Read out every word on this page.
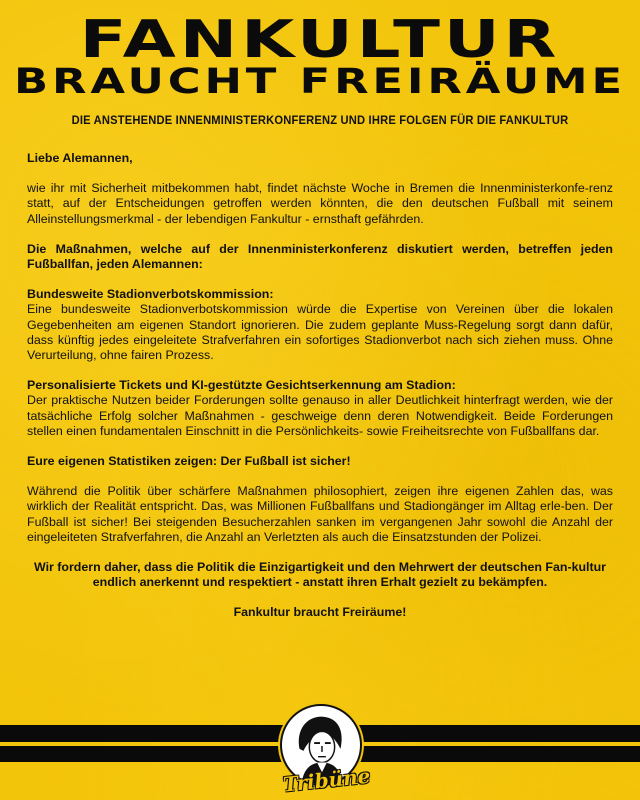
FANKULTUR
BRAUCHT FREIRÄUME
DIE ANSTEHENDE INNENMINISTERKONFERENZ UND IHRE FOLGEN FÜR DIE FANKULTUR

Liebe Alemannen,

wie ihr mit Sicherheit mitbekommen habt, findet nächste Woche in Bremen die Innenministerkonfe-renz statt, auf der Entscheidungen getroffen werden könnten, die den deutschen Fußball mit seinem Alleinstellungsmerkmal - der lebendigen Fankultur - ernsthaft gefährden.

Die Maßnahmen, welche auf der Innenministerkonferenz diskutiert werden, betreffen jeden Fußballfan, jeden Alemannen:

Bundesweite Stadionverbotskommission:
Eine bundesweite Stadionverbotskommission würde die Expertise von Vereinen über die lokalen Gegebenheiten am eigenen Standort ignorieren. Die zudem geplante Muss-Regelung sorgt dann dafür, dass künftig jedes eingeleitete Strafverfahren ein sofortiges Stadionverbot nach sich ziehen muss. Ohne Verurteilung, ohne fairen Prozess.

Personalisierte Tickets und KI-gestützte Gesichtserkennung am Stadion:
Der praktische Nutzen beider Forderungen sollte genauso in aller Deutlichkeit hinterfragt werden, wie der tatsächliche Erfolg solcher Maßnahmen - geschweige denn deren Notwendigkeit. Beide Forderungen stellen einen fundamentalen Einschnitt in die Persönlichkeits- sowie Freiheitsrechte von Fußballfans dar.

Eure eigenen Statistiken zeigen: Der Fußball ist sicher!

Während die Politik über schärfere Maßnahmen philosophiert, zeigen ihre eigenen Zahlen das, was wirklich der Realität entspricht. Das, was Millionen Fußballfans und Stadiongänger im Alltag erle-ben. Der Fußball ist sicher! Bei steigenden Besucherzahlen sanken im vergangenen Jahr sowohl die Anzahl der eingeleiteten Strafverfahren, die Anzahl an Verletzten als auch die Einsatzstunden der Polizei.

Wir fordern daher, dass die Politik die Einzigartigkeit und den Mehrwert der deutschen Fan-kultur endlich anerkennt und respektiert - anstatt ihren Erhalt gezielt zu bekämpfen.

Fankultur braucht Freiräume!

Tribüne
